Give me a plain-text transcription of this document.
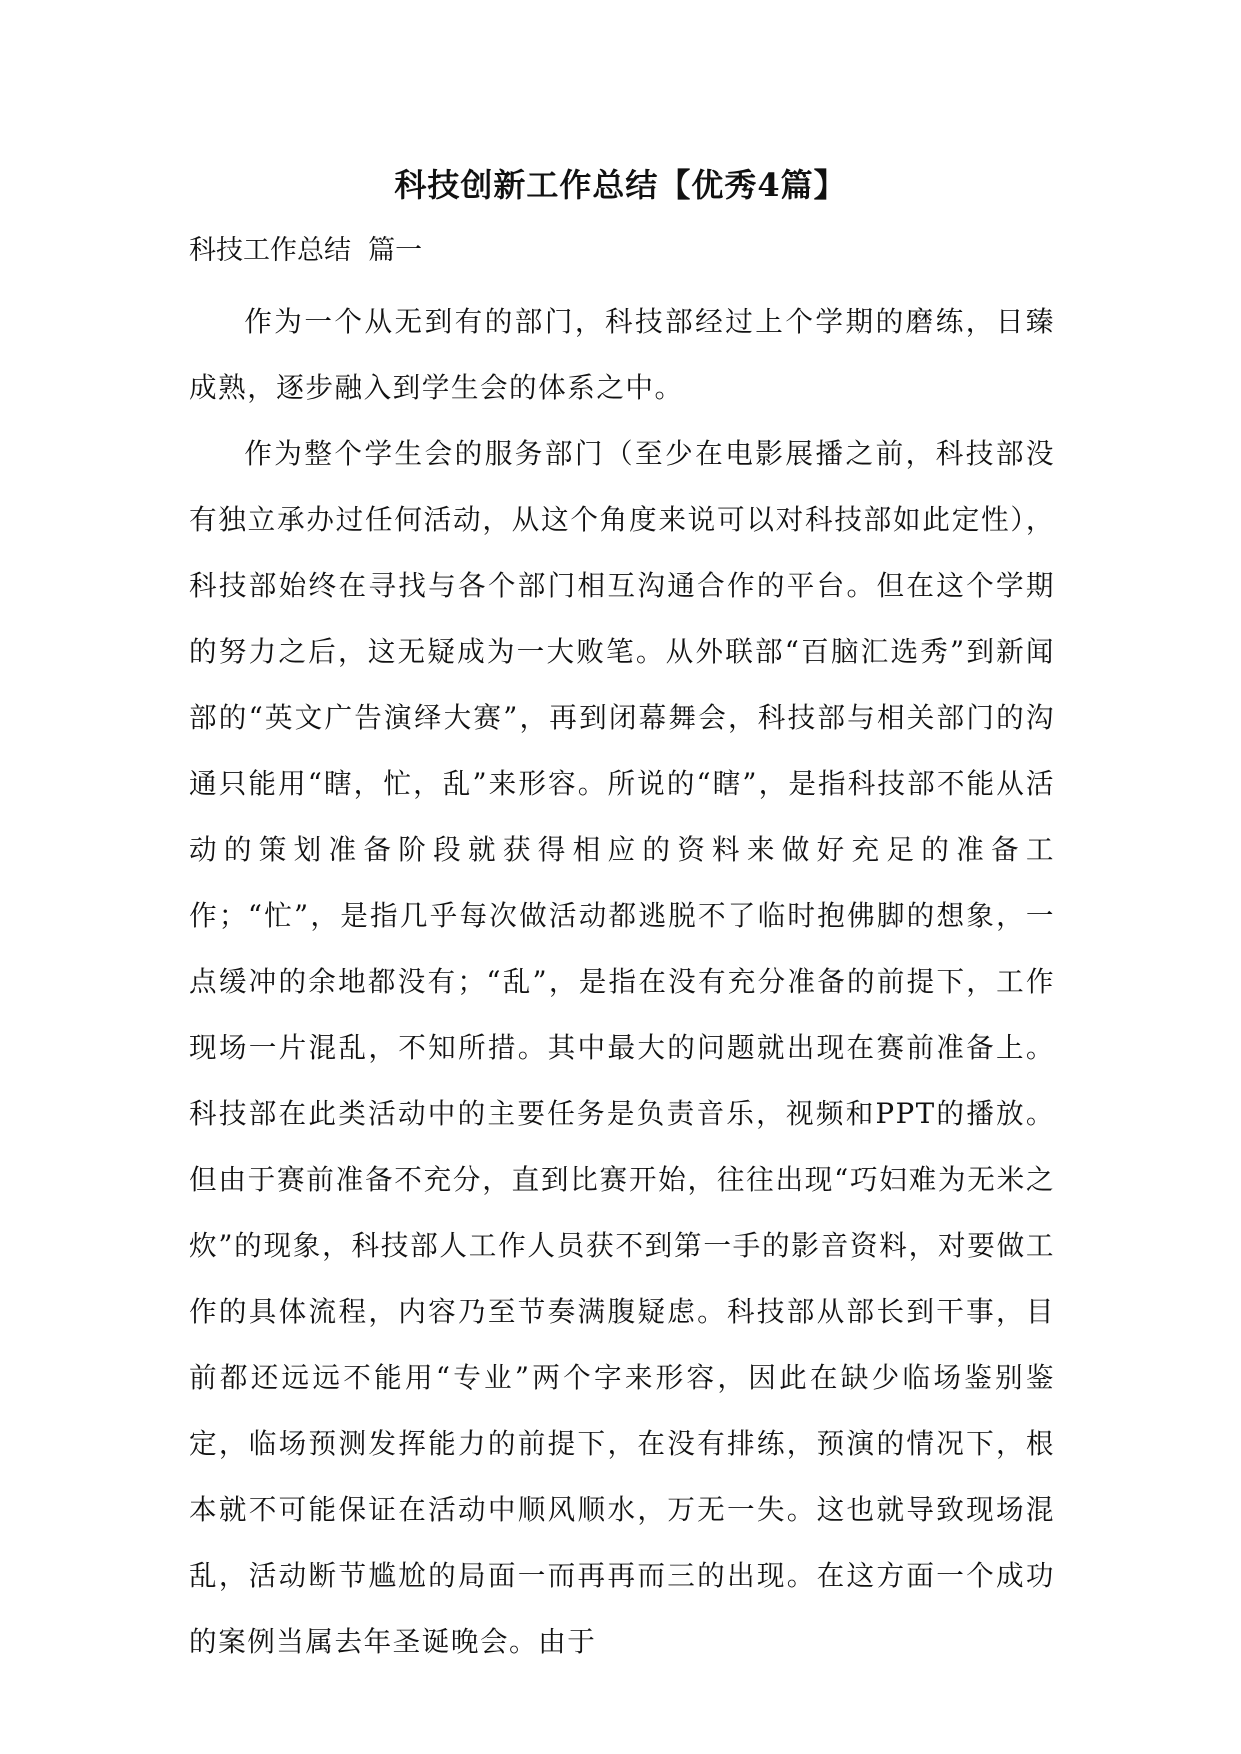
科技创新工作总结【优秀4篇】
科技工作总结  篇一

作为一个从无到有的部门，科技部经过上个学期的磨练，日臻成熟，逐步融入到学生会的体系之中。

作为整个学生会的服务部门（至少在电影展播之前，科技部没有独立承办过任何活动，从这个角度来说可以对科技部如此定性），科技部始终在寻找与各个部门相互沟通合作的平台。但在这个学期的努力之后，这无疑成为一大败笔。从外联部“百脑汇选秀”到新闻部的“英文广告演绎大赛”，再到闭幕舞会，科技部与相关部门的沟通只能用“瞎，忙，乱”来形容。所说的“瞎”，是指科技部不能从活动的策划准备阶段就获得相应的资料来做好充足的准备工作；“忙”，是指几乎每次做活动都逃脱不了临时抱佛脚的想象，一点缓冲的余地都没有；“乱”，是指在没有充分准备的前提下，工作现场一片混乱，不知所措。其中最大的问题就出现在赛前准备上。科技部在此类活动中的主要任务是负责音乐，视频和PPT的播放。但由于赛前准备不充分，直到比赛开始，往往出现“巧妇难为无米之炊”的现象，科技部人工作人员获不到第一手的影音资料，对要做工作的具体流程，内容乃至节奏满腹疑虑。科技部从部长到干事，目前都还远远不能用“专业”两个字来形容，因此在缺少临场鉴别鉴定，临场预测发挥能力的前提下，在没有排练，预演的情况下，根本就不可能保证在活动中顺风顺水，万无一失。这也就导致现场混乱，活动断节尴尬的局面一而再再而三的出现。在这方面一个成功的案例当属去年圣诞晚会。由于
